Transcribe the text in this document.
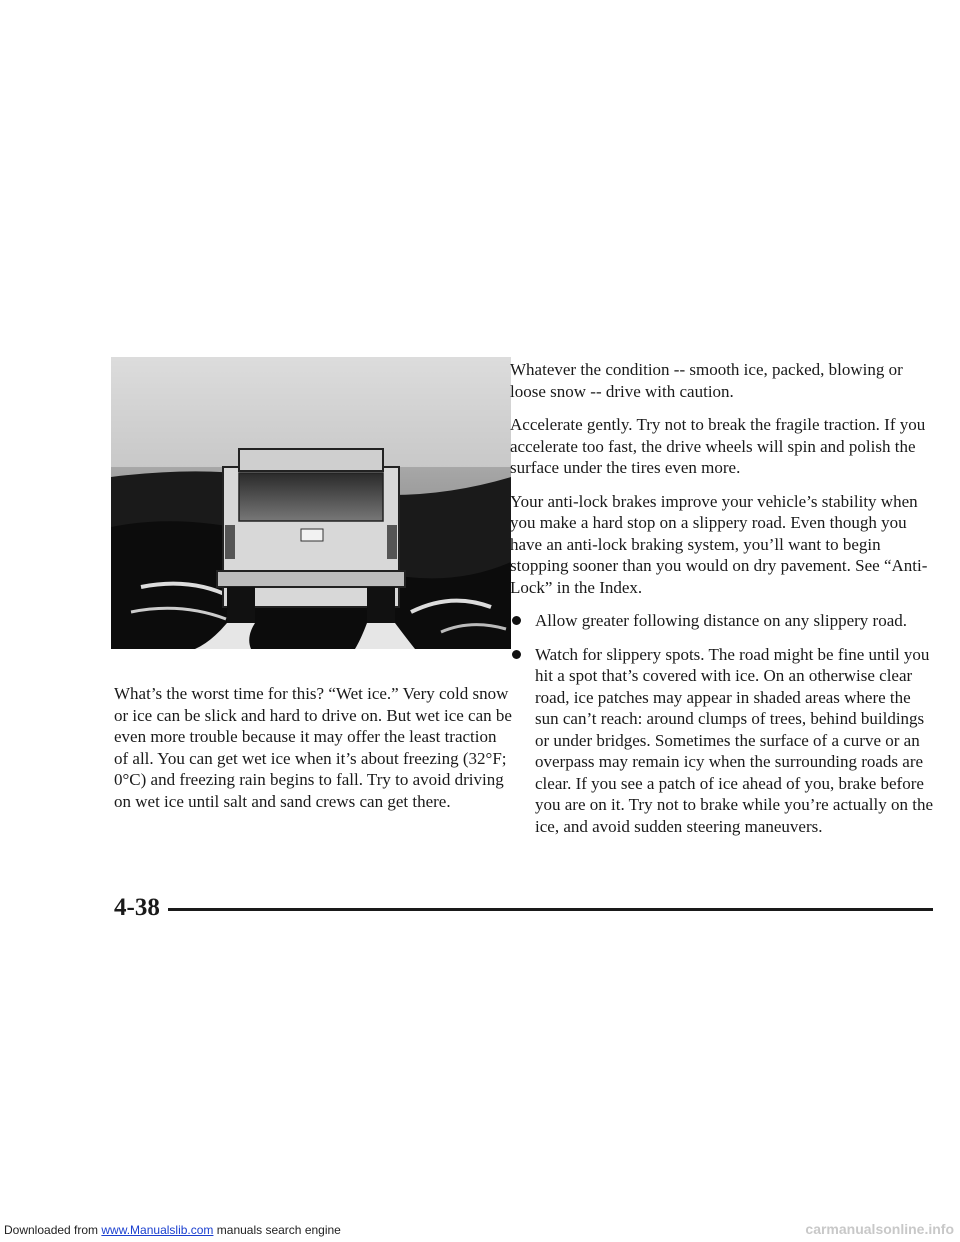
What’s the worst time for this? “Wet ice.” Very cold snow or ice can be slick and hard to drive on. But wet ice can be even more trouble because it may offer the least traction of all. You can get wet ice when it’s about freezing (32°F; 0°C) and freezing rain begins to fall. Try to avoid driving on wet ice until salt and sand crews can get there.

Whatever the condition -- smooth ice, packed, blowing or loose snow -- drive with caution.

Accelerate gently. Try not to break the fragile traction. If you accelerate too fast, the drive wheels will spin and polish the surface under the tires even more.

Your anti-lock brakes improve your vehicle’s stability when you make a hard stop on a slippery road. Even though you have an anti-lock braking system, you’ll want to begin stopping sooner than you would on dry pavement. See “Anti-Lock” in the Index.

Allow greater following distance on any slippery road.
Watch for slippery spots. The road might be fine until you hit a spot that’s covered with ice. On an otherwise clear road, ice patches may appear in shaded areas where the sun can’t reach: around clumps of trees, behind buildings or under bridges. Sometimes the surface of a curve or an overpass may remain icy when the surrounding roads are clear. If you see a patch of ice ahead of you, brake before you are on it. Try not to brake while you’re actually on the ice, and avoid sudden steering maneuvers.
4-38
Downloaded from www.Manualslib.com manuals search engine	carmanualsonline.info
